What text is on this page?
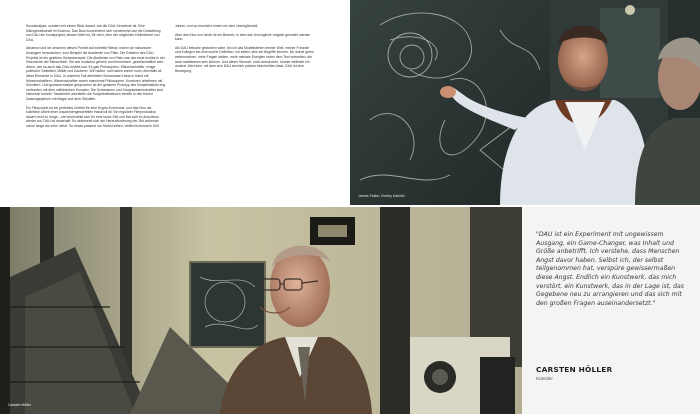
Kunstanalyse, sondern mit einem Blick darauf, wie die DAU Gemeinde ist. Eine Mikrogesellschaft im Kosmos. Das Buch konzentriert sich vornehmlich auf die Darstellung von DAU als Kunstprojekt, dessen Wert ist, für mich, eine der möglichen Definitionen von DAU.

Abramov und ich zeichnen dieses Porträt auf indirekte Weise, indem wir historische Analogien heranziehen, zum Beispiel die Akademie von Plato. Die Existenz des DAU-Projekts ist ein gelebtes Gedankenspiel. Die Akademie von Plato war das erste Institut in der Geschichte der Menschheit. Sie war zunächst geheim und hermetisch, gesellschaftlich sehr divers, wie es auch das DAU-Institut war. Es gab Philosophen, Wissenschaftler, einige politische Gestalten, Militär und Zauberer. Wir hatten, und haben immer noch, ebenfalls all diese Elemente in DAU. In unserem Fall arbeiteten Schamanen Hand in Hand mit Wissenschaftlern, Wissenschaftler waren manchmal Philosophen, Kuratoren arbeiteten mit Künstlern. Und gewissermaßen gesprochen ist der gesamte Prototyp des Sowjetinstituts eng verbunden mit dem militärischen Komplex. Die Schamanen und Sowjetwissenschaftler sind historisch korrekt. Tatsächlich arbeiteten die Sowjetinstitutionen bereits in den frühen Zwanzigerjahren mit Magie und dem Okkulten.

Ein Filmprojekt ist ein perfektes Umfeld für eine Krypto-Kommune, und das Kino als kollektive Arbeit einer zusammengewürfelten Handvoll ist: Ein regulärer Filmproduktion dauert nicht so lange – sie beschränkt sich für eine kurze Zeit und löst sich im Anschluss wieder auf. DAU ist dauerhaft. Es widersetzt sich der Herausforderung der Zeit wirkende schon lange als zehn Jahre. So etwas passiert nur höchst selten, vielleicht einmal in fünf

Jahren, und so erscheint einem ein eine Unmöglichkeit.

Aber das Kino von heute ist ein Bereich, in dem das Unmögliche möglich gemacht werden kann.

Als DAU beinahe gestorben wäre, bin ich das Modellstehen meiner Welt, meiner Freunde und Kollegen ein eine solche Definition. Ich selbst, dies ein Begriffe kennen. Ich würde gerne weitermachen, mehr Fragen stellen, mehr mentale Energien reden dem Text verbreiten, die auch stattdessen sein können. Und dieser Wunsch, nicht aufzuhören, könnte vielleicht ein anderer Wert sein, mit dem sich DAU ziemlich präzise beschreiben lässt: DAU ist eine Bewegung.

James Fallon, Dmitry Kaledin
Carsten Höller
"DAU ist ein Experiment mit ungewissem Ausgang, ein Game-Changer, was Inhalt und Größe anbetrifft. Ich verstehe, dass Menschen Angst davor haben. Selbst ich, der selbst teilgenommen hat, verspüre gewissermaßen diese Angst. Endlich ein Kunstwerk, das mich verstört, ein Kunstwerk, das in der Lage ist, das Gegebene neu zu arrangieren und das sich mit den großen Fragen auseinandersetzt."
CARSTEN HÖLLER
Künstler
